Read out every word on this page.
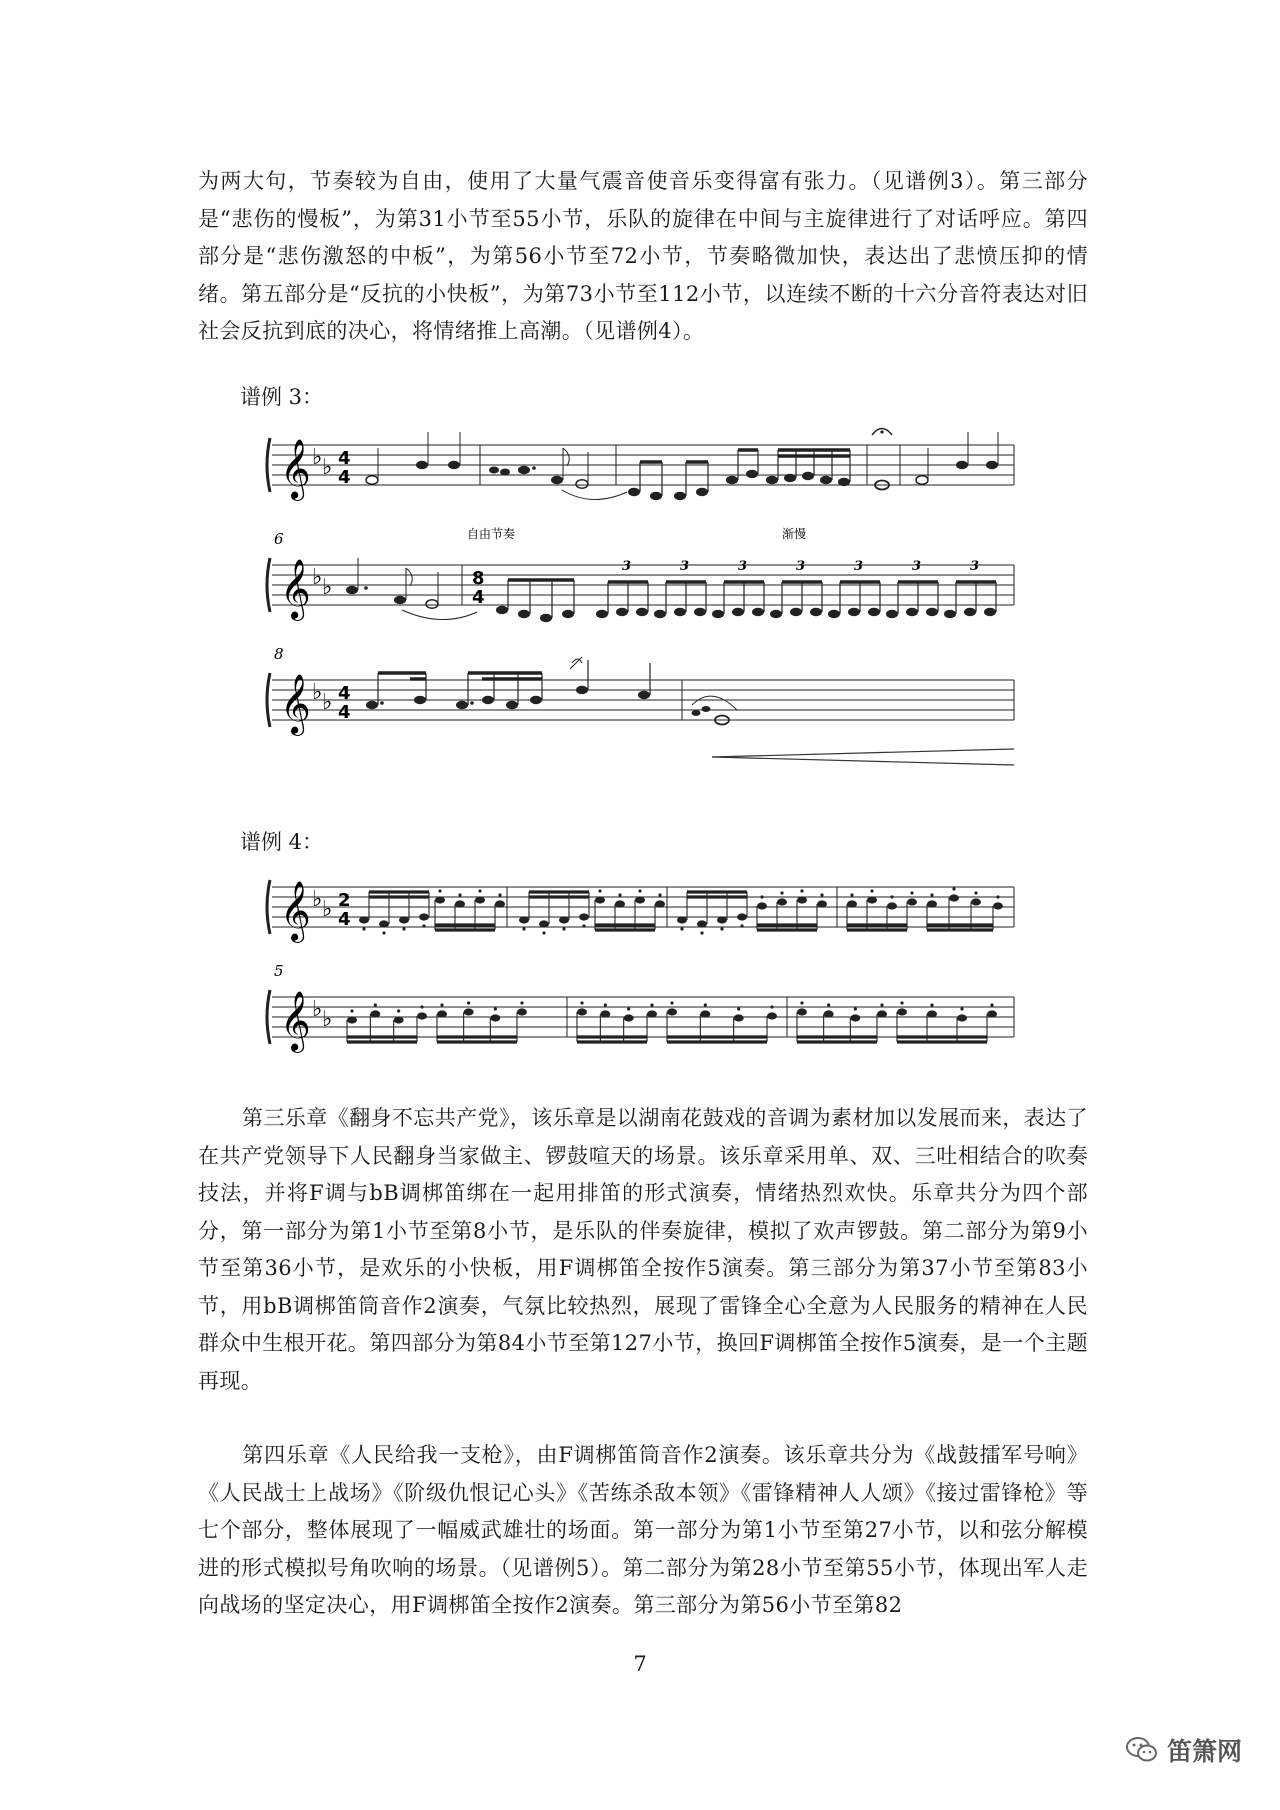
为两大句，节奏较为自由，使用了大量气震音使音乐变得富有张力。（见谱例3）。第三部分是“悲伤的慢板”，为第31小节至55小节，乐队的旋律在中间与主旋律进行了对话呼应。第四部分是“悲伤激怒的中板”，为第56小节至72小节，节奏略微加快，表达出了悲愤压抑的情绪。第五部分是“反抗的小快板”，为第73小节至112小节，以连续不断的十六分音符表达对旧社会反抗到底的决心，将情绪推上高潮。（见谱例4）。
谱例 3：
𝄞 ♭ ♭ 4
4
6
𝄞 ♭ ♭
自由节奏
8
4
渐慢
3	3	3	3	3	3	3
8
𝄞 ♭ ♭ 4
4
谱例 4：
𝄞 ♭ ♭ 2
4
5
𝄞 ♭ ♭
第三乐章《翻身不忘共产党》，该乐章是以湖南花鼓戏的音调为素材加以发展而来，表达了在共产党领导下人民翻身当家做主、锣鼓喧天的场景。该乐章采用单、双、三吐相结合的吹奏技法，并将F调与bB调梆笛绑在一起用排笛的形式演奏，情绪热烈欢快。乐章共分为四个部分，第一部分为第1小节至第8小节，是乐队的伴奏旋律，模拟了欢声锣鼓。第二部分为第9小节至第36小节，是欢乐的小快板，用F调梆笛全按作5演奏。第三部分为第37小节至第83小节，用bB调梆笛筒音作2演奏，气氛比较热烈，展现了雷锋全心全意为人民服务的精神在人民群众中生根开花。第四部分为第84小节至第127小节，换回F调梆笛全按作5演奏，是一个主题再现。
第四乐章《人民给我一支枪》，由F调梆笛筒音作2演奏。该乐章共分为《战鼓擂军号响》《人民战士上战场》《阶级仇恨记心头》《苦练杀敌本领》《雷锋精神人人颂》《接过雷锋枪》等七个部分，整体展现了一幅威武雄壮的场面。第一部分为第1小节至第27小节，以和弦分解模进的形式模拟号角吹响的场景。（见谱例5）。第二部分为第28小节至第55小节，体现出军人走向战场的坚定决心，用F调梆笛全按作2演奏。第三部分为第56小节至第82
7
笛箫网
